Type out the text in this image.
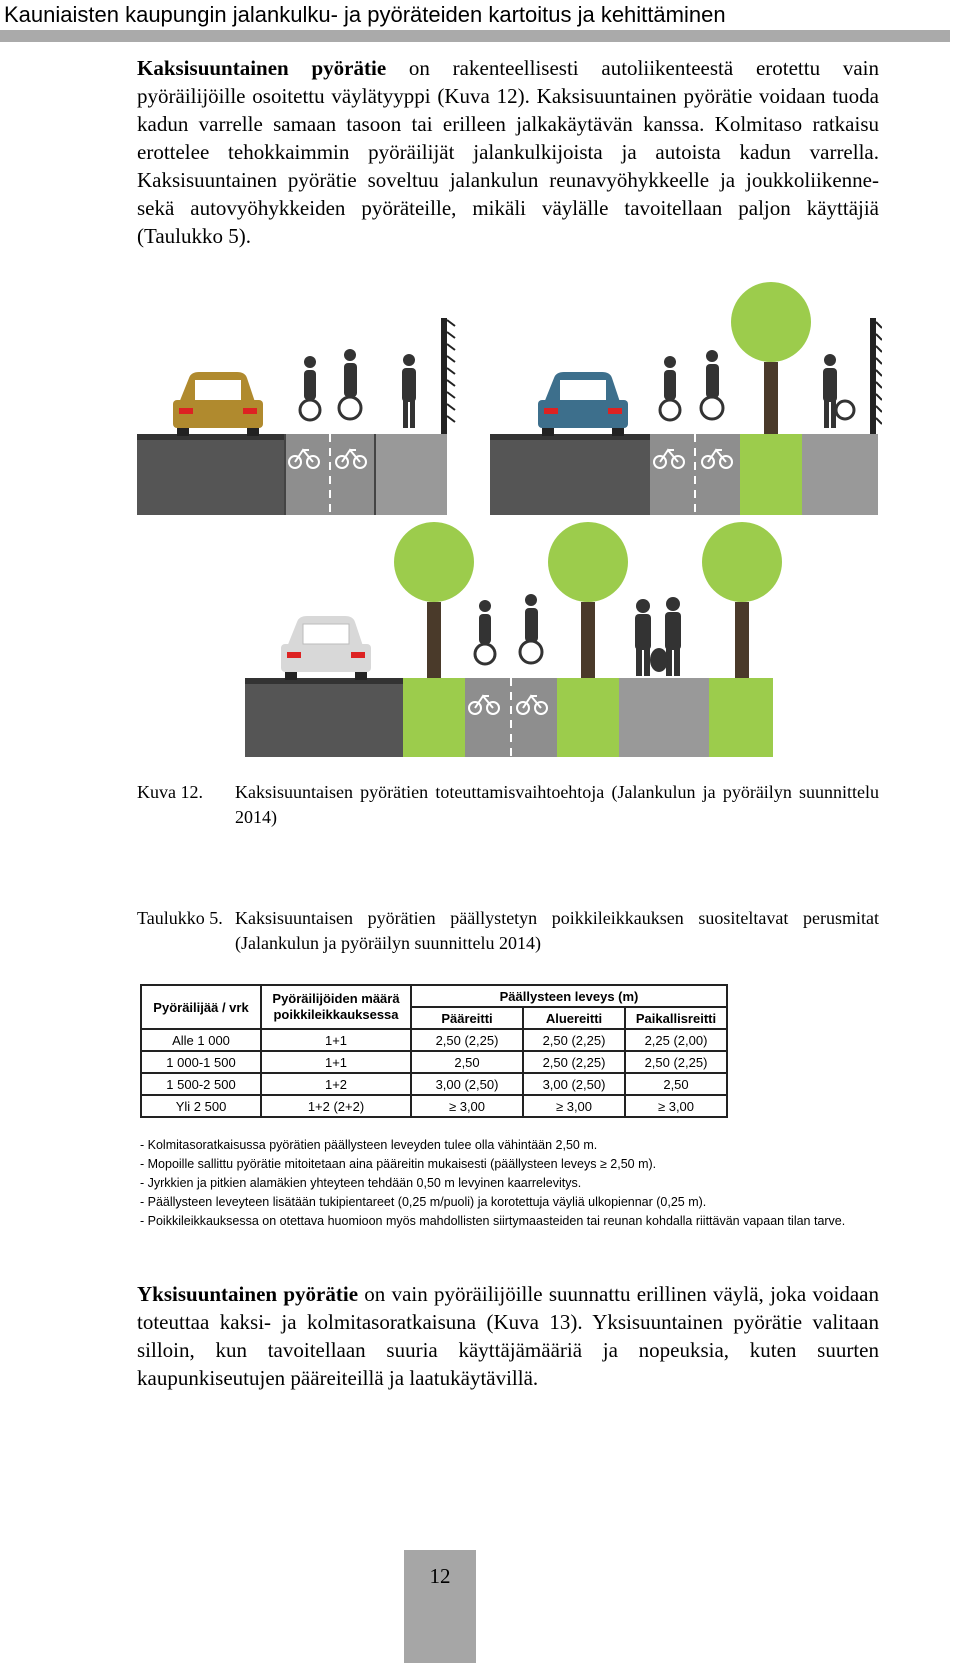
Kauniaisten kaupungin jalankulku- ja pyöräteiden kartoitus ja kehittäminen

Kaksisuuntainen pyörätie on rakenteellisesti autoliikenteestä erotettu vain pyöräilijöille osoitettu väylätyyppi (Kuva 12). Kaksisuuntainen pyörätie voidaan tuoda kadun varrelle samaan tasoon tai erilleen jalkakäytävän kanssa. Kolmitaso ratkaisu erottelee tehokkaimmin pyöräilijät jalankulkijoista ja autoista kadun varrella. Kaksisuuntainen pyörätie soveltuu jalankulun reunavyöhykkeelle ja joukkoliikenne- sekä autovyöhykkeiden pyöräteille, mikäli väylälle tavoitellaan paljon käyttäjiä (Taulukko 5).

Kuva 12. Kaksisuuntaisen pyörätien toteuttamisvaihtoehtoja (Jalankulun ja pyöräilyn suunnittelu 2014)
Taulukko 5. Kaksisuuntaisen pyörätien päällystetyn poikkileikkauksen suositeltavat perusmitat (Jalankulun ja pyöräilyn suunnittelu 2014)
Pyöräilijää / vrk	Pyöräilijöiden määrä poikkileikkauksessa	Päällysteen leveys (m)		
		Pääreitti	Aluereitti	Paikallisreitti
Alle 1 000	1+1	2,50 (2,25)	2,50 (2,25)	2,25 (2,00)
1 000-1 500	1+1	2,50	2,50 (2,25)	2,50 (2,25)
1 500-2 500	1+2	3,00 (2,50)	3,00 (2,50)	2,50
Yli 2 500	1+2 (2+2)	≥ 3,00	≥ 3,00	≥ 3,00
- Kolmitasoratkaisussa pyörätien päällysteen leveyden tulee olla vähintään 2,50 m.
- Mopoille sallittu pyörätie mitoitetaan aina pääreitin mukaisesti (päällysteen leveys ≥ 2,50 m).
- Jyrkkien ja pitkien alamäkien yhteyteen tehdään 0,50 m levyinen kaarrelevitys.
- Päällysteen leveyteen lisätään tukipientareet (0,25 m/puoli) ja korotettuja väyliä ulkopiennar (0,25 m).
- Poikkileikkauksessa on otettava huomioon myös mahdollisten siirtymaasteiden tai reunan kohdalla riittävän vapaan tilan tarve.

Yksisuuntainen pyörätie on vain pyöräilijöille suunnattu erillinen väylä, joka voidaan toteuttaa kaksi- ja kolmitasoratkaisuna (Kuva 13). Yksisuuntainen pyörätie valitaan silloin, kun tavoitellaan suuria käyttäjämääriä ja nopeuksia, kuten suurten kaupunkiseutujen pääreiteillä ja laatukäytävillä.

12
